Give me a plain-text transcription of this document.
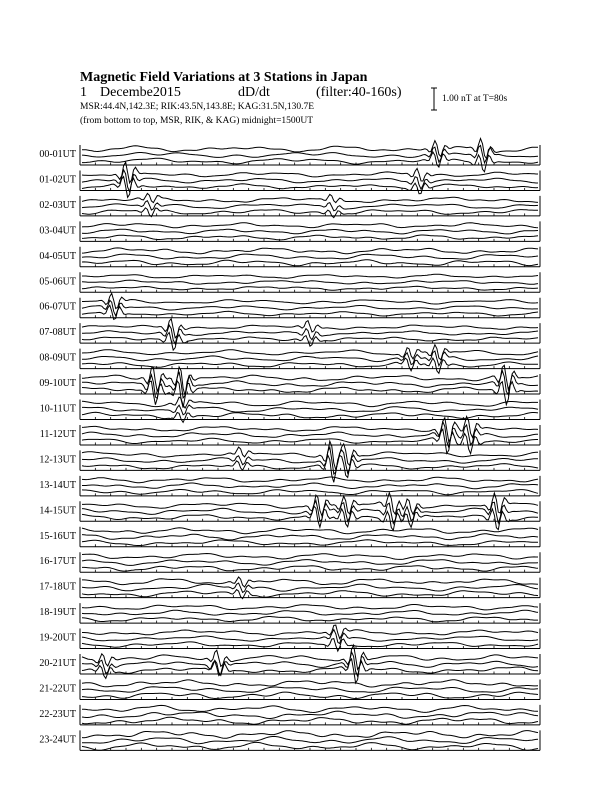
Magnetic Field Variations at 3 Stations in Japan
1 Decembe2015	dD/dt	(filter:40-160s)
MSR:44.4N,142.3E; RIK:43.5N,143.8E; KAG:31.5N,130.7E
(from bottom to top, MSR, RIK, & KAG) midnight=1500UT
1.00 nT at T=80s
00-01UT
01-02UT
02-03UT
03-04UT
04-05UT
05-06UT
06-07UT
07-08UT
08-09UT
09-10UT
10-11UT
11-12UT
12-13UT
13-14UT
14-15UT
15-16UT
16-17UT
17-18UT
18-19UT
19-20UT
20-21UT
21-22UT
22-23UT
23-24UT
